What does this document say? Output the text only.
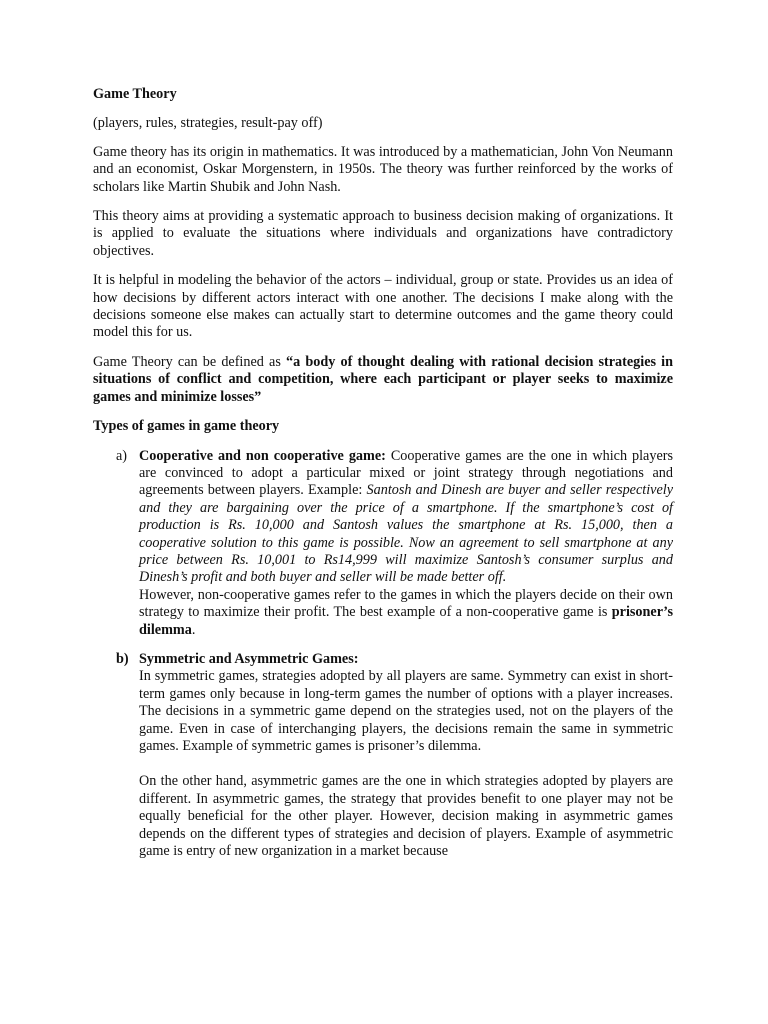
Game Theory

(players, rules, strategies, result-pay off)

Game theory has its origin in mathematics. It was introduced by a mathematician, John Von Neumann and an economist, Oskar Morgenstern, in 1950s. The theory was further reinforced by the works of scholars like Martin Shubik and John Nash.

This theory aims at providing a systematic approach to business decision making of organizations. It is applied to evaluate the situations where individuals and organizations have contradictory objectives.

It is helpful in modeling the behavior of the actors – individual, group or state. Provides us an idea of how decisions by different actors interact with one another. The decisions I make along with the decisions someone else makes can actually start to determine outcomes and the game theory could model this for us.

Game Theory can be defined as “a body of thought dealing with rational decision strategies in situations of conflict and competition, where each participant or player seeks to maximize games and minimize losses”

Types of games in game theory
a) Cooperative and non cooperative game: Cooperative games are the one in which players are convinced to adopt a particular mixed or joint strategy through negotiations and agreements between players. Example: Santosh and Dinesh are buyer and seller respectively and they are bargaining over the price of a smartphone. If the smartphone’s cost of production is Rs. 10,000 and Santosh values the smartphone at Rs. 15,000, then a cooperative solution to this game is possible. Now an agreement to sell smartphone at any price between Rs. 10,001 to Rs14,999 will maximize Santosh’s consumer surplus and Dinesh’s profit and both buyer and seller will be made better off.
However, non-cooperative games refer to the games in which the players decide on their own strategy to maximize their profit. The best example of a non-cooperative game is prisoner’s dilemma.
b) Symmetric and Asymmetric Games:
In symmetric games, strategies adopted by all players are same. Symmetry can exist in short-term games only because in long-term games the number of options with a player increases. The decisions in a symmetric game depend on the strategies used, not on the players of the game. Even in case of interchanging players, the decisions remain the same in symmetric games. Example of symmetric games is prisoner’s dilemma.
On the other hand, asymmetric games are the one in which strategies adopted by players are different. In asymmetric games, the strategy that provides benefit to one player may not be equally beneficial for the other player. However, decision making in asymmetric games depends on the different types of strategies and decision of players. Example of asymmetric game is entry of new organization in a market because
